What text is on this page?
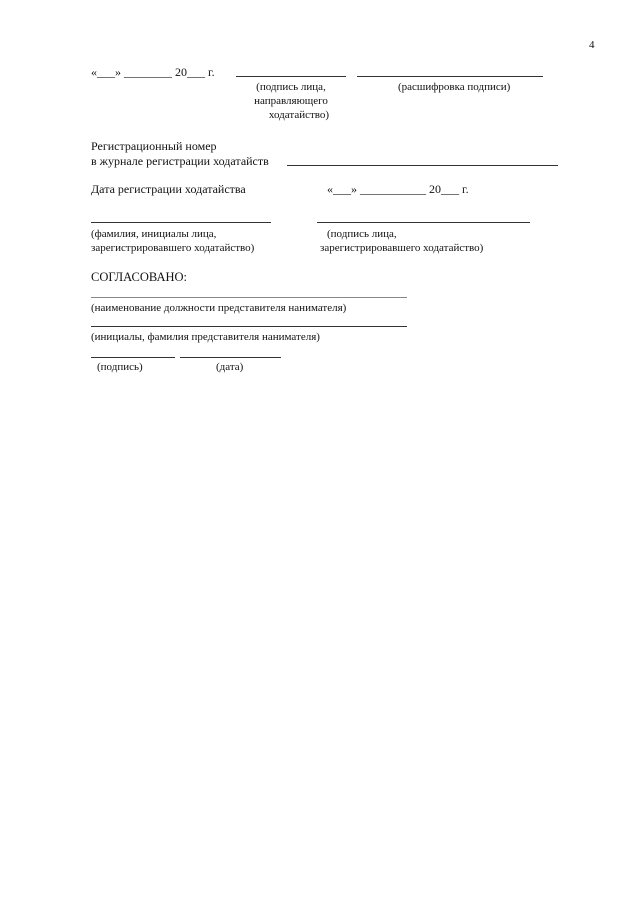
4
«___» ________ 20___ г.
(подпись лица,
направляющего
ходатайство)
(расшифровка подписи)
Регистрационный номер
в журнале регистрации ходатайств
Дата регистрации ходатайства	«___» ___________ 20___ г.
(фамилия, инициалы лица,
зарегистрировавшего ходатайство)
(подпись лица,
зарегистрировавшего ходатайство)
СОГЛАСОВАНО:
(наименование должности представителя нанимателя)
(инициалы, фамилия представителя нанимателя)
(подпись)	(дата)
